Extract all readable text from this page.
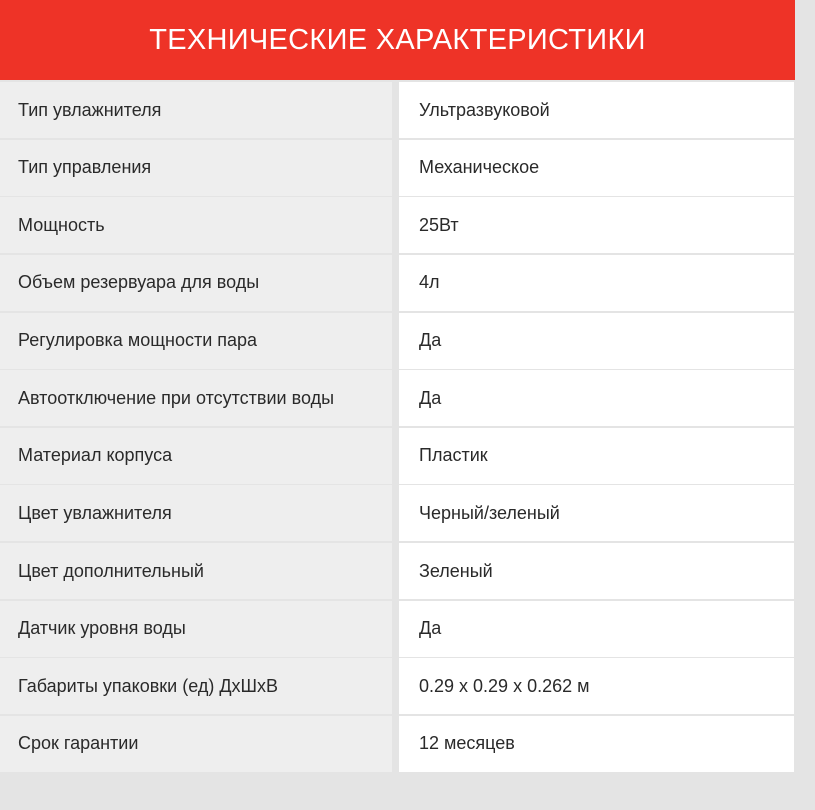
ТЕХНИЧЕСКИЕ ХАРАКТЕРИСТИКИ
Тип увлажнителя	Ультразвуковой
Тип управления	Механическое
Мощность	25Вт
Объем резервуара для воды	4л
Регулировка мощности пара	Да
Автоотключение при отсутствии воды	Да
Материал корпуса	Пластик
Цвет увлажнителя	Черный/зеленый
Цвет дополнительный	Зеленый
Датчик уровня воды	Да
Габариты упаковки (ед) ДхШхВ	0.29 x 0.29 x 0.262 м
Срок гарантии	12 месяцев
